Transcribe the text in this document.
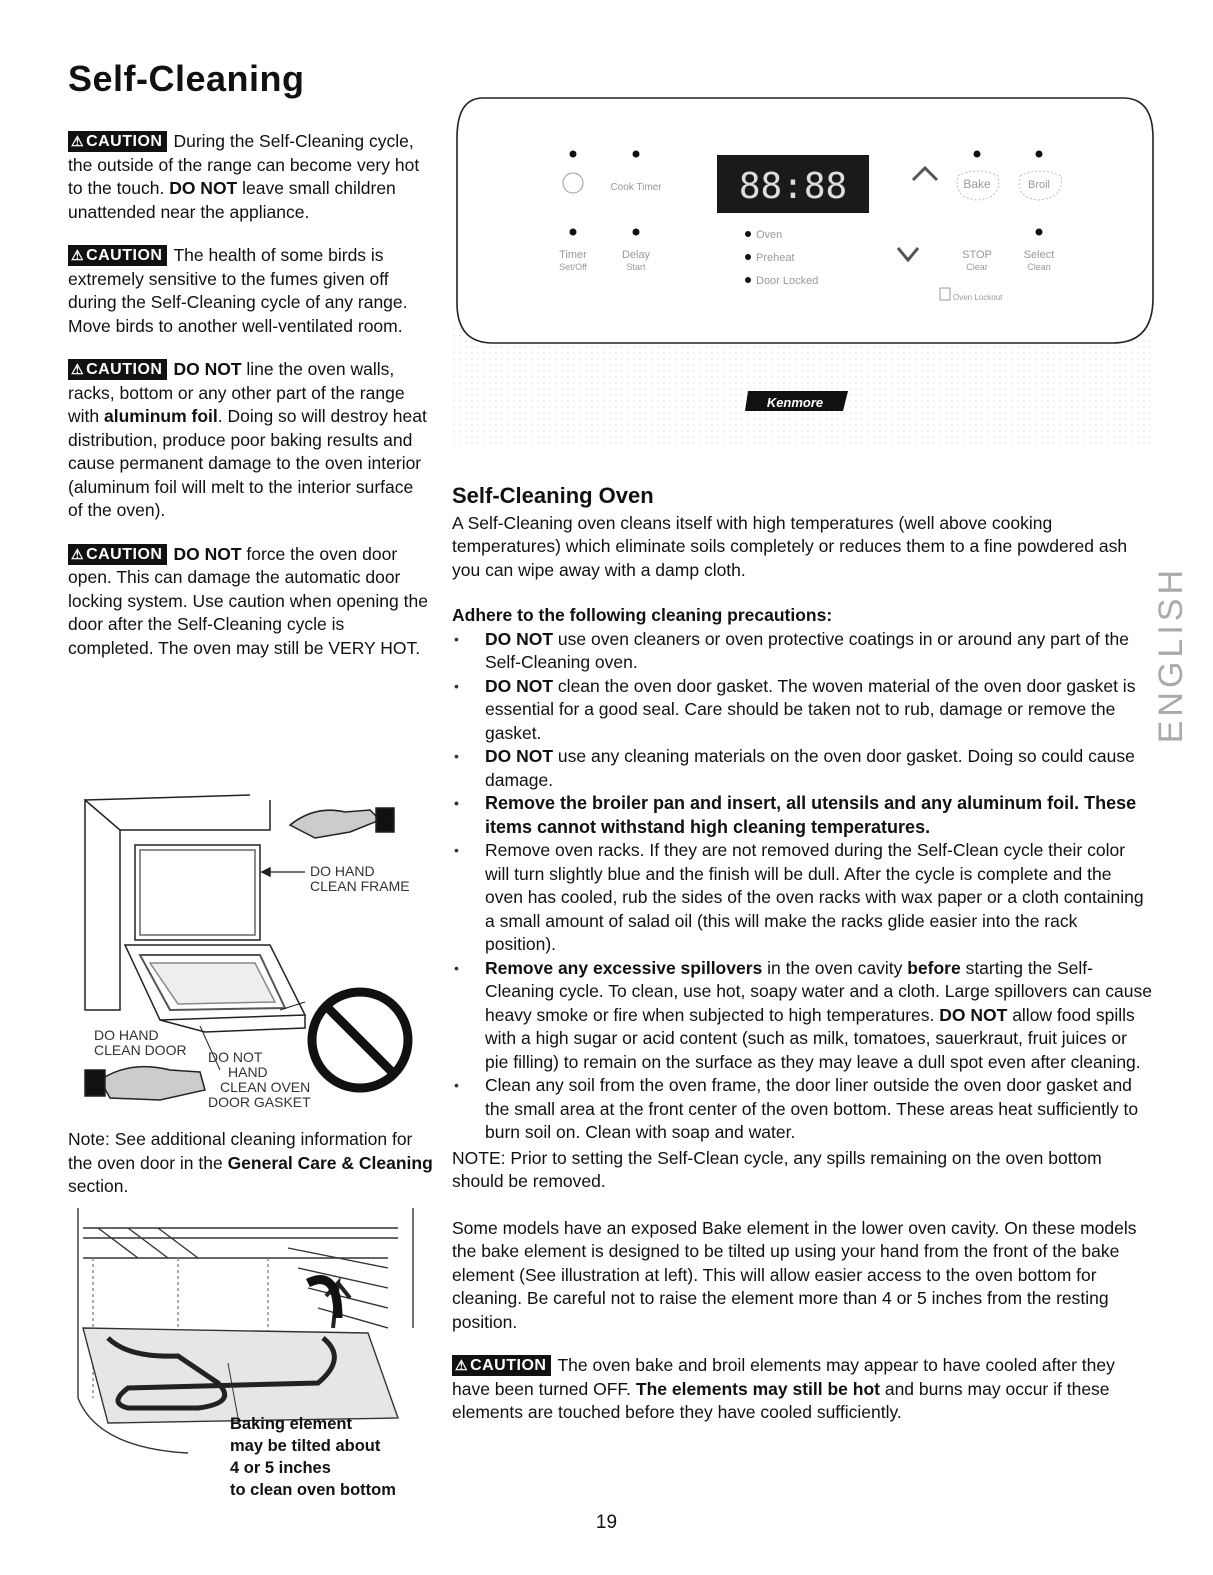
Self-Cleaning

⚠ CAUTION During the Self-Cleaning cycle, the outside of the range can become very hot to the touch. DO NOT leave small children unattended near the appliance.

⚠ CAUTION The health of some birds is extremely sensitive to the fumes given off during the Self-Cleaning cycle of any range. Move birds to another well-ventilated room.

⚠ CAUTION DO NOT line the oven walls, racks, bottom or any other part of the range with aluminum foil. Doing so will destroy heat distribution, produce poor baking results and cause permanent damage to the oven interior (aluminum foil will melt to the interior surface of the oven).

⚠ CAUTION DO NOT force the oven door open. This can damage the automatic door locking system. Use caution when opening the door after the Self-Cleaning cycle is completed. The oven may still be VERY HOT.

DO HAND
CLEAN FRAME
DO HAND
CLEAN DOOR DO NOT
HAND
CLEAN OVEN
DOOR GASKET
Note: See additional cleaning information for the oven door in the General Care & Cleaning section.
Baking element
may be tilted about
4 or 5 inches
to clean oven bottom
88:88
Cook Timer
Timer
Set/Off
Delay
Start
Oven
Preheat
Door Locked
Bake	Broil
STOP
Clear
Select
Clean
Oven Lockout
Kenmore
Self-Cleaning Oven

A Self-Cleaning oven cleans itself with high temperatures (well above cooking temperatures) which eliminate soils completely or reduces them to a fine powdered ash you can wipe away with a damp cloth.

Adhere to the following cleaning precautions:
• DO NOT use oven cleaners or oven protective coatings in or around any part of the Self-Cleaning oven.
• DO NOT clean the oven door gasket. The woven material of the oven door gasket is essential for a good seal. Care should be taken not to rub, damage or remove the gasket.
• DO NOT use any cleaning materials on the oven door gasket. Doing so could cause damage.
• Remove the broiler pan and insert, all utensils and any aluminum foil. These items cannot withstand high cleaning temperatures.
• Remove oven racks. If they are not removed during the Self-Clean cycle their color will turn slightly blue and the finish will be dull. After the cycle is complete and the oven has cooled, rub the sides of the oven racks with wax paper or a cloth containing a small amount of salad oil (this will make the racks glide easier into the rack position).
• Remove any excessive spillovers in the oven cavity before starting the Self-Cleaning cycle. To clean, use hot, soapy water and a cloth. Large spillovers can cause heavy smoke or fire when subjected to high temperatures. DO NOT allow food spills with a high sugar or acid content (such as milk, tomatoes, sauerkraut, fruit juices or pie filling) to remain on the surface as they may leave a dull spot even after cleaning.
• Clean any soil from the oven frame, the door liner outside the oven door gasket and the small area at the front center of the oven bottom. These areas heat sufficiently to burn soil on. Clean with soap and water.

NOTE: Prior to setting the Self-Clean cycle, any spills remaining on the oven bottom should be removed.

Some models have an exposed Bake element in the lower oven cavity. On these models the bake element is designed to be tilted up using your hand from the front of the bake element (See illustration at left). This will allow easier access to the oven bottom for cleaning. Be careful not to raise the element more than 4 or 5 inches from the resting position.

⚠ CAUTION The oven bake and broil elements may appear to have cooled after they have been turned OFF. The elements may still be hot and burns may occur if these elements are touched before they have cooled sufficiently.

ENGLISH
19
